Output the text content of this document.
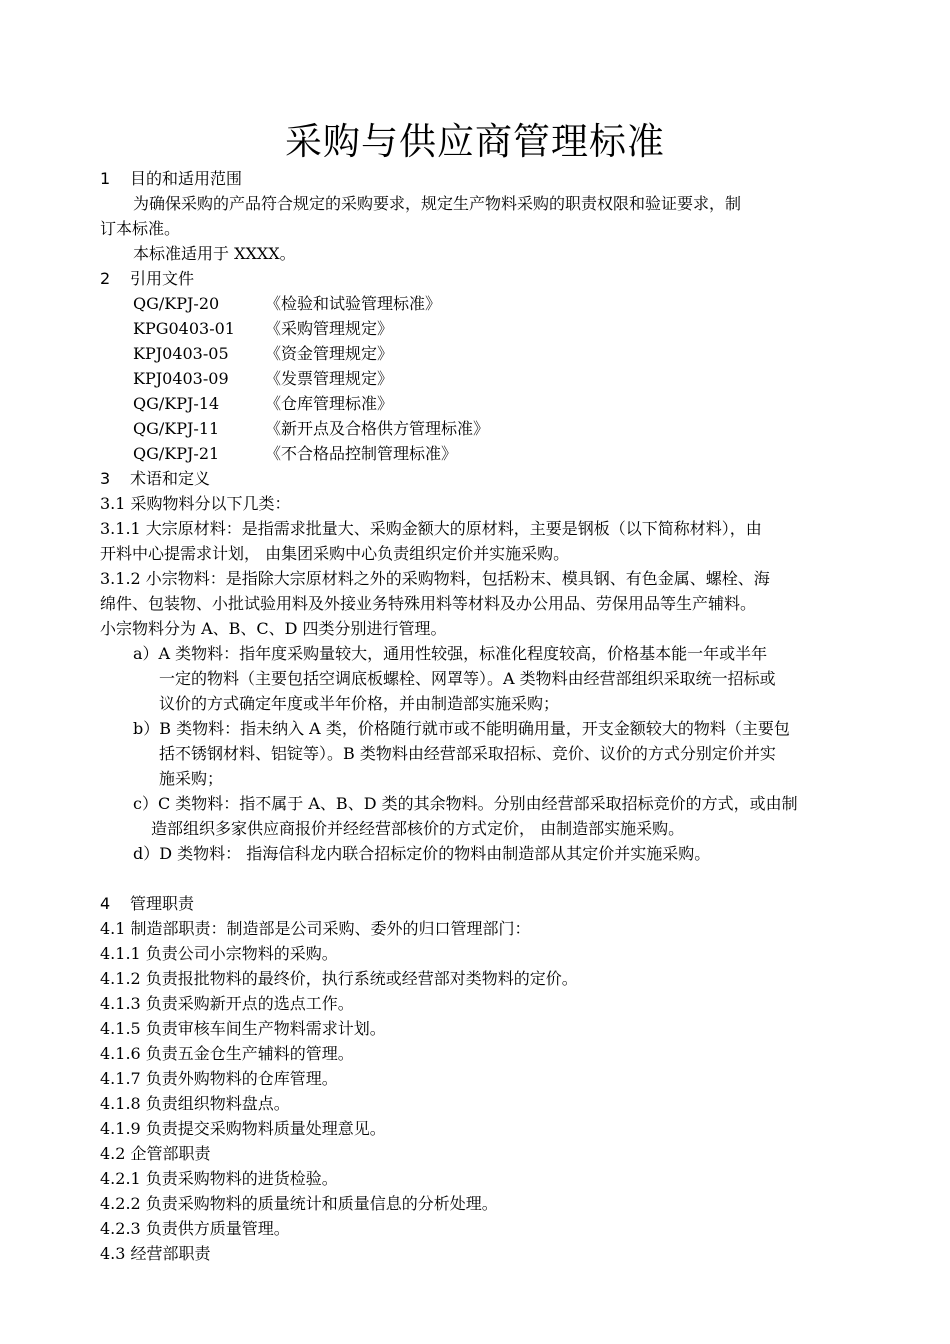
采购与供应商管理标准
1 目的和适用范围
为确保采购的产品符合规定的采购要求，规定生产物料采购的职责权限和验证要求，制
订本标准。
本标准适用于 XXXX。
2 引用文件
QG/KPJ-20	《检验和试验管理标准》
KPG0403-01 《采购管理规定》
KPJ0403-05 《资金管理规定》
KPJ0403-09 《发票管理规定》
QG/KPJ-14	《仓库管理标准》
QG/KPJ-11	《新开点及合格供方管理标准》
QG/KPJ-21	《不合格品控制管理标准》
3 术语和定义
3.1 采购物料分以下几类：
3.1.1 大宗原材料：是指需求批量大、采购金额大的原材料，主要是钢板（以下简称材料），由
开料中心提需求计划， 由集团采购中心负责组织定价并实施采购。
3.1.2 小宗物料：是指除大宗原材料之外的采购物料，包括粉末、模具钢、有色金属、螺栓、海
绵件、包装物、小批试验用料及外接业务特殊用料等材料及办公用品、劳保用品等生产辅料。
小宗物料分为 A、B、C、D 四类分别进行管理。
a）A 类物料：指年度采购量较大，通用性较强，标准化程度较高，价格基本能一年或半年
一定的物料（主要包括空调底板螺栓、网罩等）。A 类物料由经营部组织采取统一招标或
议价的方式确定年度或半年价格，并由制造部实施采购；
b）B 类物料：指未纳入 A 类，价格随行就市或不能明确用量，开支金额较大的物料（主要包
括不锈钢材料、铝锭等）。B 类物料由经营部采取招标、竞价、议价的方式分别定价并实
施采购；
c）C 类物料：指不属于 A、B、D 类的其余物料。分别由经营部采取招标竞价的方式，或由制
造部组织多家供应商报价并经经营部核价的方式定价， 由制造部实施采购。
d）D 类物料： 指海信科龙内联合招标定价的物料由制造部从其定价并实施采购。
4 管理职责
4.1 制造部职责：制造部是公司采购、委外的归口管理部门：
4.1.1 负责公司小宗物料的采购。
4.1.2 负责报批物料的最终价，执行系统或经营部对类物料的定价。
4.1.3 负责采购新开点的选点工作。
4.1.5 负责审核车间生产物料需求计划。
4.1.6 负责五金仓生产辅料的管理。
4.1.7 负责外购物料的仓库管理。
4.1.8 负责组织物料盘点。
4.1.9 负责提交采购物料质量处理意见。
4.2 企管部职责
4.2.1 负责采购物料的进货检验。
4.2.2 负责采购物料的质量统计和质量信息的分析处理。
4.2.3 负责供方质量管理。
4.3 经营部职责
